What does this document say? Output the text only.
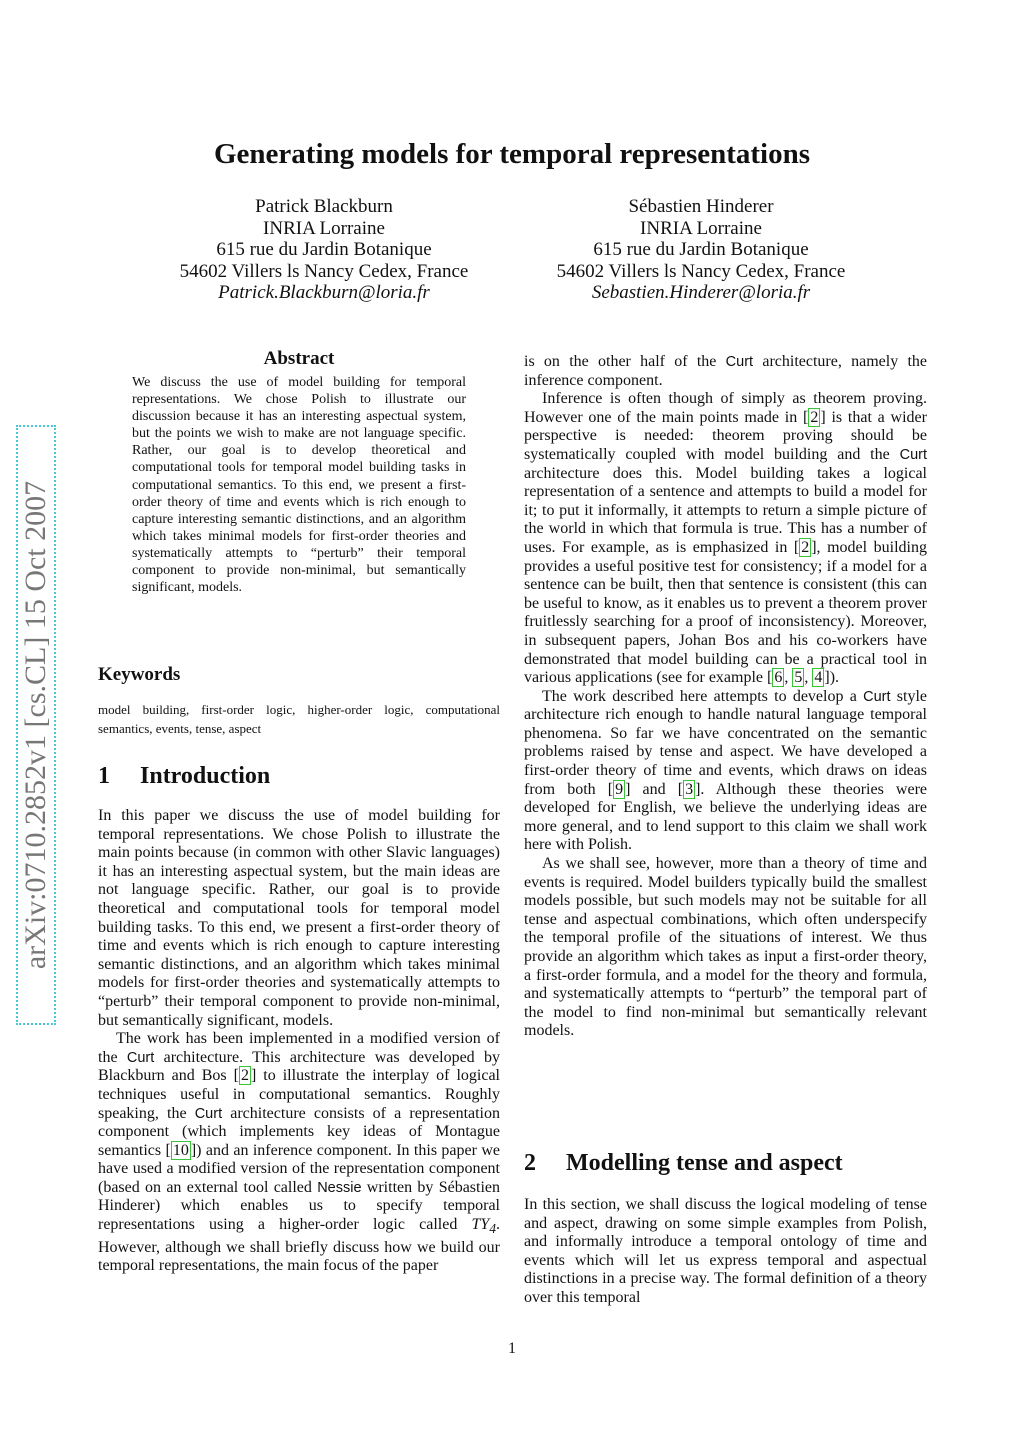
arXiv:0710.2852v1 [cs.CL] 15 Oct 2007
Generating models for temporal representations
Patrick Blackburn
INRIA Lorraine
615 rue du Jardin Botanique
54602 Villers ls Nancy Cedex, France
Patrick.Blackburn@loria.fr
Sébastien Hinderer
INRIA Lorraine
615 rue du Jardin Botanique
54602 Villers ls Nancy Cedex, France
Sebastien.Hinderer@loria.fr
Abstract
We discuss the use of model building for temporal representations. We chose Polish to illustrate our discussion because it has an interesting aspectual system, but the points we wish to make are not language specific. Rather, our goal is to develop theoretical and computational tools for temporal model building tasks in computational semantics. To this end, we present a first-order theory of time and events which is rich enough to capture interesting semantic distinctions, and an algorithm which takes minimal models for first-order theories and systematically attempts to “perturb” their temporal component to provide non-minimal, but semantically significant, models.
Keywords
model building, first-order logic, higher-order logic, computational semantics, events, tense, aspect
1 Introduction

In this paper we discuss the use of model building for temporal representations. We chose Polish to illustrate the main points because (in common with other Slavic languages) it has an interesting aspectual system, but the main ideas are not language specific. Rather, our goal is to provide theoretical and computational tools for temporal model building tasks. To this end, we present a first-order theory of time and events which is rich enough to capture interesting semantic distinctions, and an algorithm which takes minimal models for first-order theories and systematically attempts to “perturb” their temporal component to provide non-minimal, but semantically significant, models.

The work has been implemented in a modified version of the Curt architecture. This architecture was developed by Blackburn and Bos [ 2 ] to illustrate the interplay of logical techniques useful in computational semantics. Roughly speaking, the Curt architecture consists of a representation component (which implements key ideas of Montague semantics [ 10 ]) and an inference component. In this paper we have used a modified version of the representation component (based on an external tool called Nessie written by Sébastien Hinderer) which enables us to specify temporal representations using a higher-order logic called $TY_4$. However, although we shall briefly discuss how we build our temporal representations, the main focus of the paper

is on the other half of the Curt architecture, namely the inference component.

Inference is often though of simply as theorem proving. However one of the main points made in [ 2 ] is that a wider perspective is needed: theorem proving should be systematically coupled with model building and the Curt architecture does this. Model building takes a logical representation of a sentence and attempts to build a model for it; to put it informally, it attempts to return a simple picture of the world in which that formula is true. This has a number of uses. For example, as is emphasized in [ 2 ], model building provides a useful positive test for consistency; if a model for a sentence can be built, then that sentence is consistent (this can be useful to know, as it enables us to prevent a theorem prover fruitlessly searching for a proof of inconsistency). Moreover, in subsequent papers, Johan Bos and his co-workers have demonstrated that model building can be a practical tool in various applications (see for example [ 6 , 5 , 4 ]).

The work described here attempts to develop a Curt style architecture rich enough to handle natural language temporal phenomena. So far we have concentrated on the semantic problems raised by tense and aspect. We have developed a first-order theory of time and events, which draws on ideas from both [ 9 ] and [ 3 ]. Although these theories were developed for English, we believe the underlying ideas are more general, and to lend support to this claim we shall work here with Polish.

As we shall see, however, more than a theory of time and events is required. Model builders typically build the smallest models possible, but such models may not be suitable for all tense and aspectual combinations, which often underspecify the temporal profile of the situations of interest. We thus provide an algorithm which takes as input a first-order theory, a first-order formula, and a model for the theory and formula, and systematically attempts to “perturb” the temporal part of the model to find non-minimal but semantically relevant models.

2 Modelling tense and aspect

In this section, we shall discuss the logical modeling of tense and aspect, drawing on some simple examples from Polish, and informally introduce a temporal ontology of time and events which will let us express temporal and aspectual distinctions in a precise way. The formal definition of a theory over this temporal

1
